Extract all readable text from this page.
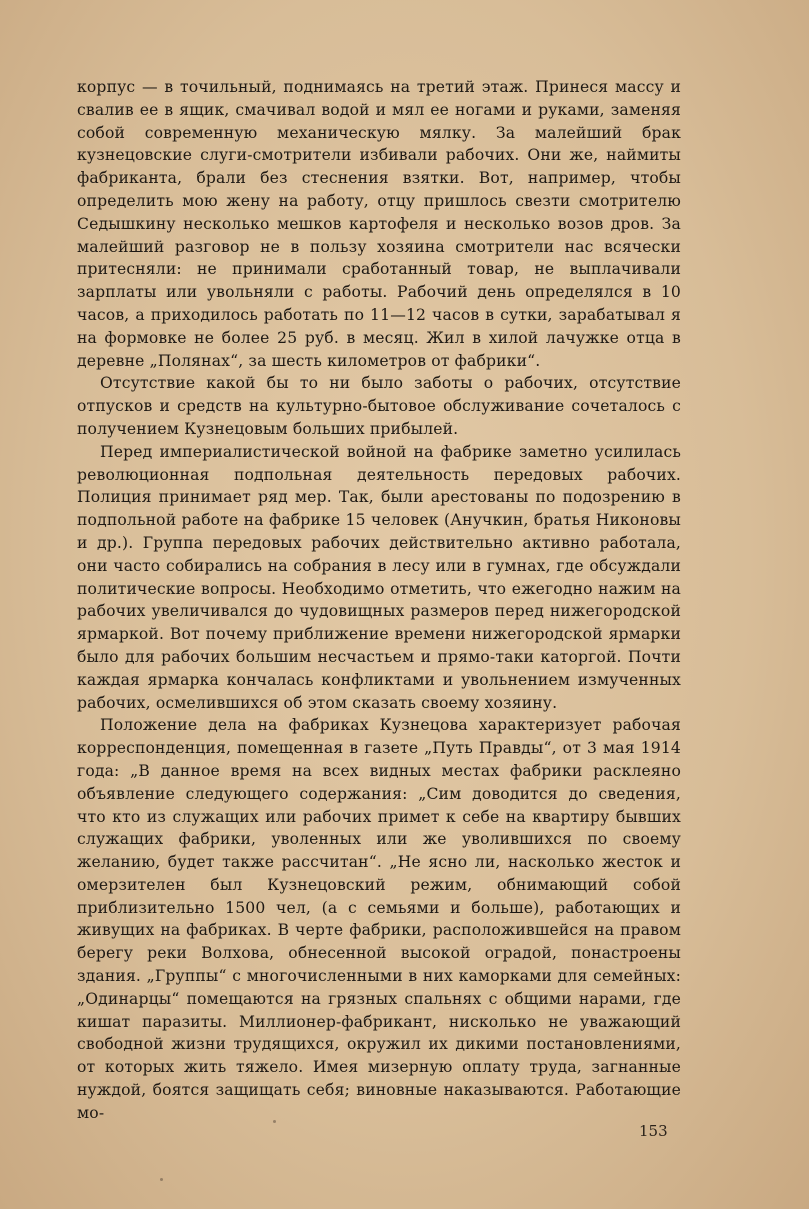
корпус — в точильный, поднимаясь на третий этаж. Принеся массу и свалив ее в ящик, смачивал водой и мял ее ногами и руками, заменяя собой современную механическую мялку. За малейший брак кузнецовские слуги-смотрители избивали рабочих. Они же, наймиты фабриканта, брали без стеснения взятки. Вот, например, чтобы определить мою жену на работу, отцу пришлось свезти смотрителю Седышкину несколько мешков картофеля и несколько возов дров. За малейший разговор не в пользу хозяина смотрители нас всячески притесняли: не принимали сработанный товар, не выплачивали зарплаты или увольняли с работы. Рабочий день определялся в 10 часов, а приходилось работать по 11—12 часов в сутки, зарабатывал я на формовке не более 25 руб. в месяц. Жил в хилой лачужке отца в деревне „Полянах“, за шесть километров от фабрики“.

Отсутствие какой бы то ни было заботы о рабочих, отсутствие отпусков и средств на культурно-бытовое обслуживание сочеталось с получением Кузнецовым больших прибылей.

Перед империалистической войной на фабрике заметно усилилась революционная подпольная деятельность передовых рабочих. Полиция принимает ряд мер. Так, были арестованы по подозрению в подпольной работе на фабрике 15 человек (Анучкин, братья Никоновы и др.). Группа передовых рабочих действительно активно работала, они часто собирались на собрания в лесу или в гумнах, где обсуждали политические вопросы. Необходимо отметить, что ежегодно нажим на рабочих увеличивался до чудовищных размеров перед нижегородской ярмаркой. Вот почему приближение времени нижегородской ярмарки было для рабочих большим несчастьем и прямо-таки каторгой. Почти каждая ярмарка кончалась конфликтами и увольнением измученных рабочих, осмелившихся об этом сказать своему хозяину.

Положение дела на фабриках Кузнецова характеризует рабочая корреспонденция, помещенная в газете „Путь Правды“, от 3 мая 1914 года: „В данное время на всех видных местах фабрики расклеяно объявление следующего содержания: „Сим доводится до сведения, что кто из служащих или рабочих примет к себе на квартиру бывших служащих фабрики, уволенных или же уволившихся по своему желанию, будет также рассчитан“. „Не ясно ли, насколько жесток и омерзителен был Кузнецовский режим, обнимающий собой приблизительно 1500 чел, (а с семьями и больше), работающих и живущих на фабриках. В черте фабрики, расположившейся на правом берегу реки Волхова, обнесенной высокой оградой, понастроены здания. „Группы“ с многочисленными в них каморками для семейных: „Одинарцы“ помещаются на грязных спальнях с общими нарами, где кишат паразиты. Миллионер-фабрикант, нисколько не уважающий свободной жизни трудящихся, окружил их дикими постановлениями, от которых жить тяжело. Имея мизерную оплату труда, загнанные нуждой, боятся защищать себя; виновные наказываются. Работающие мо-

153
